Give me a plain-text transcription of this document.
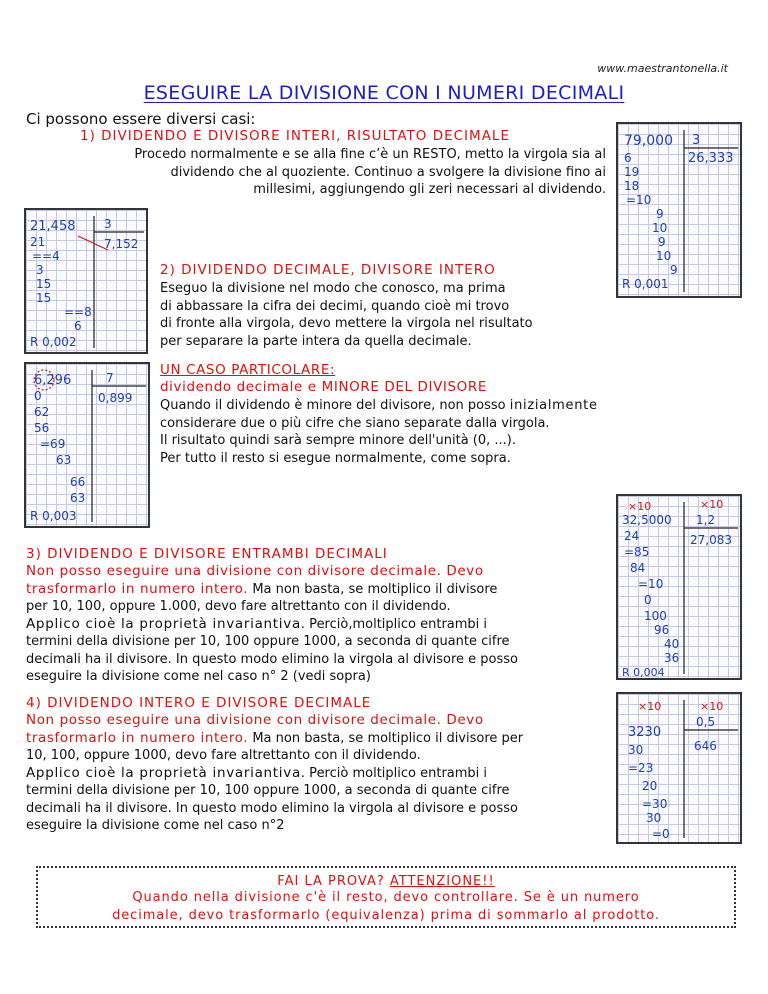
www.maestrantonella.it
ESEGUIRE LA DIVISIONE CON I NUMERI DECIMALI
Ci possono essere diversi casi:
1) DIVIDENDO E DIVISORE INTERI, RISULTATO DECIMALE
Procedo normalmente e se alla fine c’è un RESTO, metto la virgola sia al
dividendo che al quoziente. Continuo a svolgere la divisione fino ai
millesimi, aggiungendo gli zeri necessari al dividendo.
79,000 3
26,333
6
19
18
=10
9
10
9
10
9
R 0,001
21,458 3
7,152
21
==4
3
15
15
==8
6
R 0,002
2) DIVIDENDO DECIMALE, DIVISORE INTERO
Eseguo la divisione nel modo che conosco, ma prima
di abbassare la cifra dei decimi, quando cioè mi trovo
di fronte alla virgola, devo mettere la virgola nel risultato
per separare la parte intera da quella decimale.
6,296	7
0,899
0
62
56
=69
63
66
63
R 0,003
UN CASO PARTICOLARE:
dividendo decimale e MINORE DEL DIVISORE
Quando il dividendo è minore del divisore, non posso inizialmente
considerare due o più cifre che siano separate dalla virgola.
Il risultato quindi sarà sempre minore dell'unità (0, ...).
Per tutto il resto si esegue normalmente, come sopra.
×10	×10
32,5000 1,2
27,083
24
=85
84
=10
0
100
96
40
36
R 0,004
3) DIVIDENDO E DIVISORE ENTRAMBI DECIMALI
Non posso eseguire una divisione con divisore decimale. Devo
trasformarlo in numero intero. Ma non basta, se moltiplico il divisore
per 10, 100, oppure 1.000, devo fare altrettanto con il dividendo.
Applico cioè la proprietà invariantiva. Perciò,moltiplico entrambi i
termini della divisione per 10, 100 oppure 1000, a seconda di quante cifre
decimali ha il divisore. In questo modo elimino la virgola al divisore e posso
eseguire la divisione come nel caso n° 2 (vedi sopra)
×10	×10
3230
0,5
646
30
=23
20
=30
30
=0
4) DIVIDENDO INTERO E DIVISORE DECIMALE
Non posso eseguire una divisione con divisore decimale. Devo
trasformarlo in numero intero. Ma non basta, se moltiplico il divisore per
10, 100, oppure 1000, devo fare altrettanto con il dividendo.
Applico cioè la proprietà invariantiva. Perciò moltiplico entrambi i
termini della divisione per 10, 100 oppure 1000, a seconda di quante cifre
decimali ha il divisore. In questo modo elimino la virgola al divisore e posso
eseguire la divisione come nel caso n°2
FAI LA PROVA? ATTENZIONE!!
Quando nella divisione c'è il resto, devo controllare. Se è un numero
decimale, devo trasformarlo (equivalenza) prima di sommarlo al prodotto.
